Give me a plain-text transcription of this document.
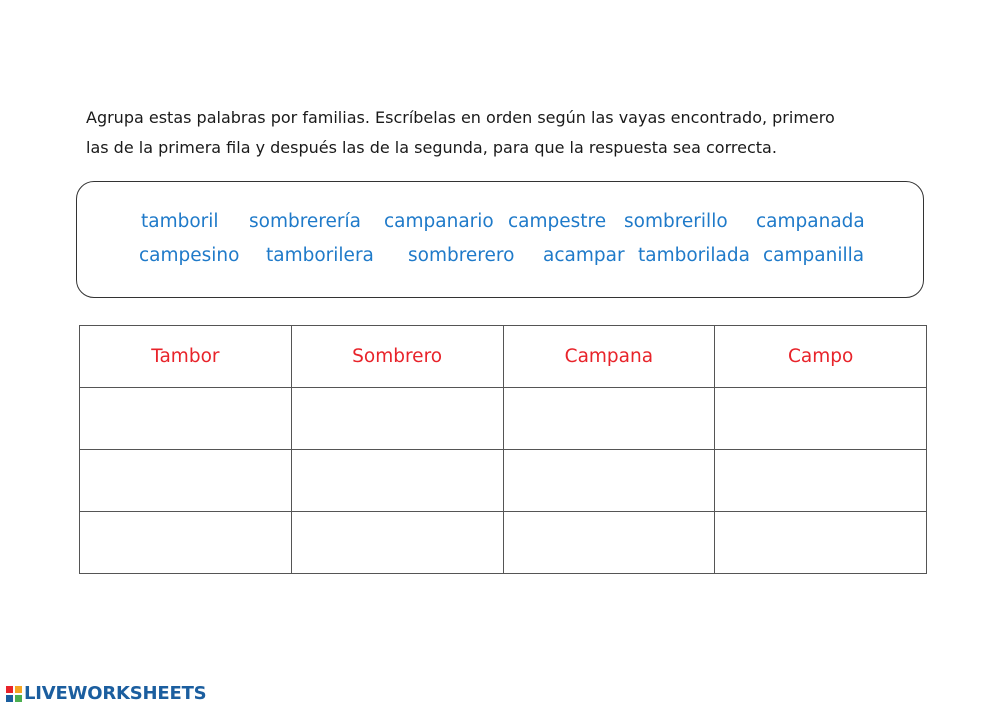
Agrupa estas palabras por familias. Escríbelas en orden según las vayas encontrado, primero
las de la primera fila y después las de la segunda, para que la respuesta sea correcta.
tamboril sombrerería campanario campestre sombrerillo campanada
campesino tamborilera sombrerero acampar tamborilada campanilla
Tambor	Sombrero	Campana	Campo

LIVEWORKSHEETS
